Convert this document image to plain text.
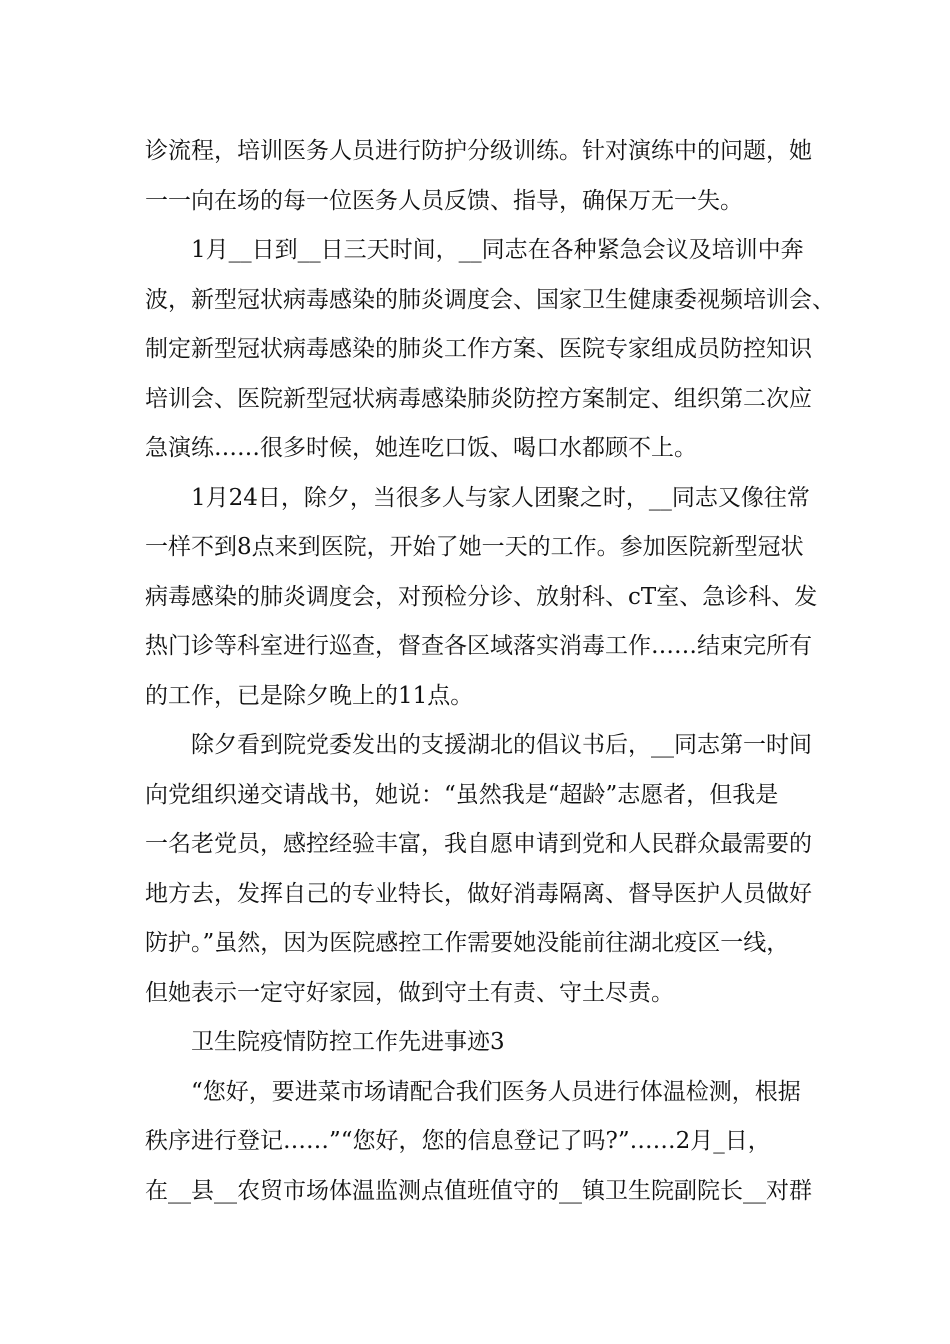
诊流程，培训医务人员进行防护分级训练。针对演练中的问题，她
一一向在场的每一位医务人员反馈、指导，确保万无一失。
　　1月__日到__日三天时间，__同志在各种紧急会议及培训中奔
波，新型冠状病毒感染的肺炎调度会、国家卫生健康委视频培训会、
制定新型冠状病毒感染的肺炎工作方案、医院专家组成员防控知识
培训会、医院新型冠状病毒感染肺炎防控方案制定、组织第二次应
急演练……很多时候，她连吃口饭、喝口水都顾不上。
　　1月24日，除夕，当很多人与家人团聚之时，__同志又像往常
一样不到8点来到医院，开始了她一天的工作。参加医院新型冠状
病毒感染的肺炎调度会，对预检分诊、放射科、cT室、急诊科、发
热门诊等科室进行巡查，督查各区域落实消毒工作……结束完所有
的工作，已是除夕晚上的11点。
　　除夕看到院党委发出的支援湖北的倡议书后，__同志第一时间
向党组织递交请战书，她说：“虽然我是“超龄”志愿者，但我是
一名老党员，感控经验丰富，我自愿申请到党和人民群众最需要的
地方去，发挥自己的专业特长，做好消毒隔离、督导医护人员做好
防护。”虽然，因为医院感控工作需要她没能前往湖北疫区一线，
但她表示一定守好家园，做到守土有责、守土尽责。
　　卫生院疫情防控工作先进事迹3
　　“您好，要进菜市场请配合我们医务人员进行体温检测，根据
秩序进行登记……”“您好，您的信息登记了吗?”……2月_日，
在__县__农贸市场体温监测点值班值守的__镇卫生院副院长__对群
